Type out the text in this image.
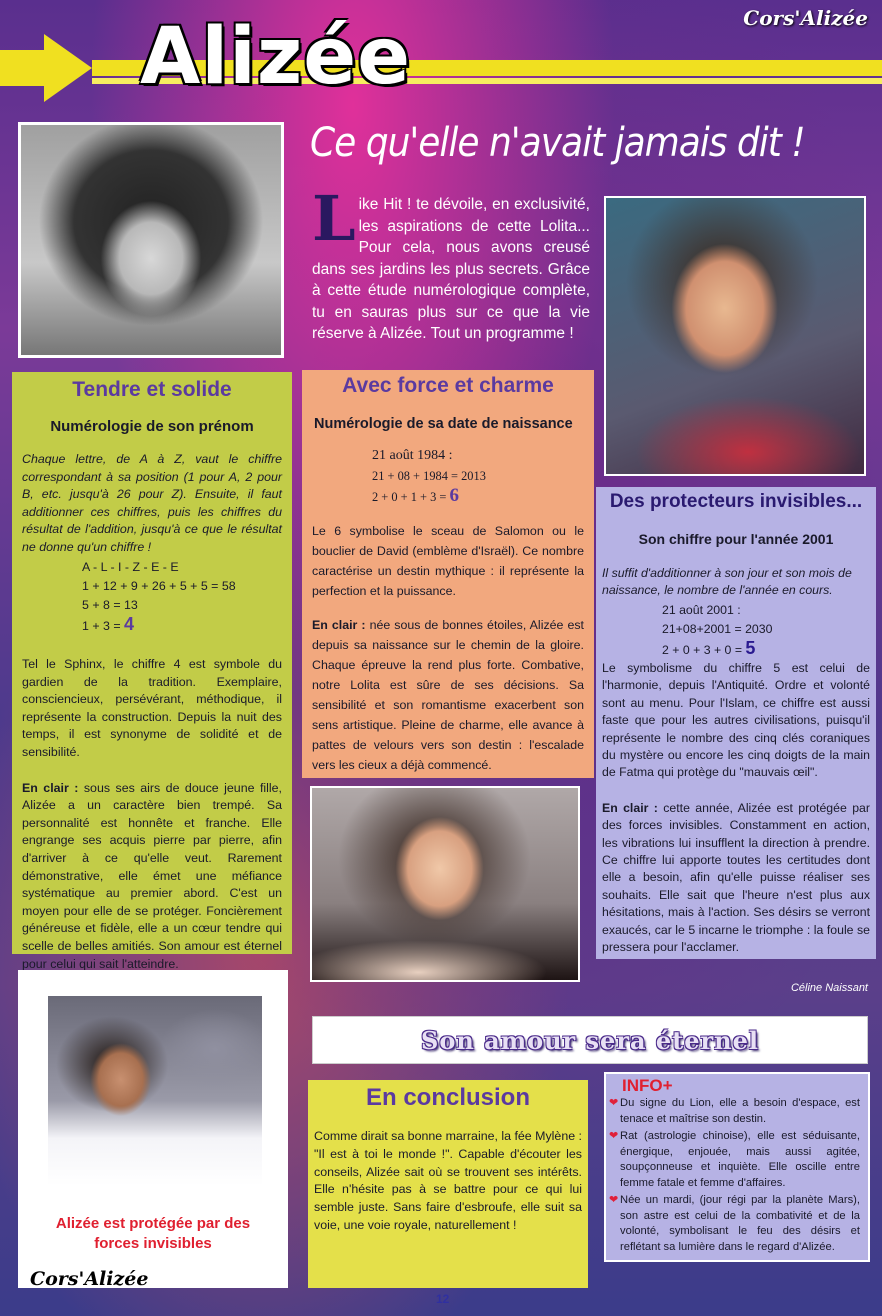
Cors'Alizée
Alizée
Ce qu'elle n'avait jamais dit !
Like Hit ! te dévoile, en exclusivité, les aspirations de cette Lolita... Pour cela, nous avons creusé dans ses jardins les plus secrets. Grâce à cette étude numérologique complète, tu en sauras plus sur ce que la vie réserve à Alizée. Tout un programme !
Tendre et solide
Numérologie de son prénom

Chaque lettre, de A à Z, vaut le chiffre correspondant à sa position (1 pour A, 2 pour B, etc. jusqu'à 26 pour Z). Ensuite, il faut additionner ces chiffres, puis les chiffres du résultat de l'addition, jusqu'à ce que le résultat ne donne qu'un chiffre !

A - L - I - Z - E - E
1 + 12 + 9 + 26 + 5 + 5 = 58
5 + 8 = 13
1 + 3 = 4

Tel le Sphinx, le chiffre 4 est symbole du gardien de la tradition. Exemplaire, consciencieux, persévérant, méthodique, il représente la construction. Depuis la nuit des temps, il est synonyme de solidité et de sensibilité.

En clair : sous ses airs de douce jeune fille, Alizée a un caractère bien trempé. Sa personnalité est honnête et franche. Elle engrange ses acquis pierre par pierre, afin d'arriver à ce qu'elle veut. Rarement démonstrative, elle émet une méfiance systématique au premier abord. C'est un moyen pour elle de se protéger. Foncièrement généreuse et fidèle, elle a un cœur tendre qui scelle de belles amitiés. Son amour est éternel pour celui qui sait l'atteindre.

Avec force et charme
Numérologie de sa date de naissance
21 août 1984 :
21 + 08 + 1984 = 2013
2 + 0 + 1 + 3 = 6

Le 6 symbolise le sceau de Salomon ou le bouclier de David (emblème d'Israël). Ce nombre caractérise un destin mythique : il représente la perfection et la puissance.

En clair : née sous de bonnes étoiles, Alizée est depuis sa naissance sur le chemin de la gloire. Chaque épreuve la rend plus forte. Combative, notre Lolita est sûre de ses décisions. Sa sensibilité et son romantisme exacerbent son sens artistique. Pleine de charme, elle avance à pattes de velours vers son destin : l'escalade vers les cieux a déjà commencé.

Des protecteurs invisibles...
Son chiffre pour l'année 2001

Il suffit d'additionner à son jour et son mois de naissance, le nombre de l'année en cours.

21 août 2001 :
21+08+2001 = 2030
2 + 0 + 3 + 0 = 5

Le symbolisme du chiffre 5 est celui de l'harmonie, depuis l'Antiquité. Ordre et volonté sont au menu. Pour l'Islam, ce chiffre est aussi faste que pour les autres civilisations, puisqu'il représente le nombre des cinq clés coraniques du mystère ou encore les cinq doigts de la main de Fatma qui protège du "mauvais œil".

En clair : cette année, Alizée est protégée par des forces invisibles. Constamment en action, les vibrations lui insufflent la direction à prendre. Ce chiffre lui apporte toutes les certitudes dont elle a besoin, afin qu'elle puisse réaliser ses souhaits. Elle sait que l'heure n'est plus aux hésitations, mais à l'action. Ses désirs se verront exaucés, car le 5 incarne le triomphe : la foule se pressera pour l'acclamer.

Céline Naissant
Alizée est protégée par des forces invisibles
Cors'Alizée
Son amour sera éternel
En conclusion

Comme dirait sa bonne marraine, la fée Mylène : "Il est à toi le monde !". Capable d'écouter les conseils, Alizée sait où se trouvent ses intérêts. Elle n'hésite pas à se battre pour ce qui lui semble juste. Sans faire d'esbroufe, elle suit sa voie, une voie royale, naturellement !

INFO+
❤ Du signe du Lion, elle a besoin d'espace, est tenace et maîtrise son destin.
❤ Rat (astrologie chinoise), elle est séduisante, énergique, enjouée, mais aussi agitée, soupçonneuse et inquiète. Elle oscille entre femme fatale et femme d'affaires.
❤ Née un mardi, (jour régi par la planète Mars), son astre est celui de la combativité et de la volonté, symbolisant le feu des désirs et reflétant sa lumière dans le regard d'Alizée.
12
